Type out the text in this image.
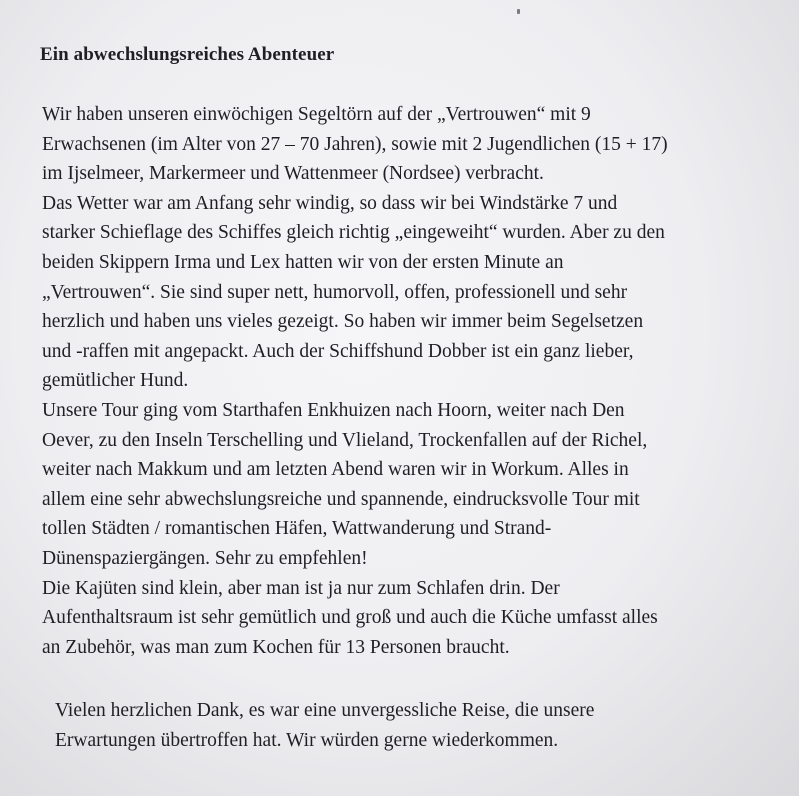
Ein abwechslungsreiches Abenteuer
Wir haben unseren einwöchigen Segeltörn auf der „Vertrouwen“ mit 9
Erwachsenen (im Alter von 27 – 70 Jahren), sowie mit 2 Jugendlichen (15 + 17)
im Ijselmeer, Markermeer und Wattenmeer (Nordsee) verbracht.
Das Wetter war am Anfang sehr windig, so dass wir bei Windstärke 7 und
starker Schieflage des Schiffes gleich richtig „eingeweiht“ wurden. Aber zu den
beiden Skippern Irma und Lex hatten wir von der ersten Minute an
„Vertrouwen“. Sie sind super nett, humorvoll, offen, professionell und sehr
herzlich und haben uns vieles gezeigt. So haben wir immer beim Segelsetzen
und -raffen mit angepackt. Auch der Schiffshund Dobber ist ein ganz lieber,
gemütlicher Hund.
Unsere Tour ging vom Starthafen Enkhuizen nach Hoorn, weiter nach Den
Oever, zu den Inseln Terschelling und Vlieland, Trockenfallen auf der Richel,
weiter nach Makkum und am letzten Abend waren wir in Workum. Alles in
allem eine sehr abwechslungsreiche und spannende, eindrucksvolle Tour mit
tollen Städten / romantischen Häfen, Wattwanderung und Strand-
Dünenspaziergängen. Sehr zu empfehlen!
Die Kajüten sind klein, aber man ist ja nur zum Schlafen drin. Der
Aufenthaltsraum ist sehr gemütlich und groß und auch die Küche umfasst alles
an Zubehör, was man zum Kochen für 13 Personen braucht.
Vielen herzlichen Dank, es war eine unvergessliche Reise, die unsere
Erwartungen übertroffen hat. Wir würden gerne wiederkommen.
